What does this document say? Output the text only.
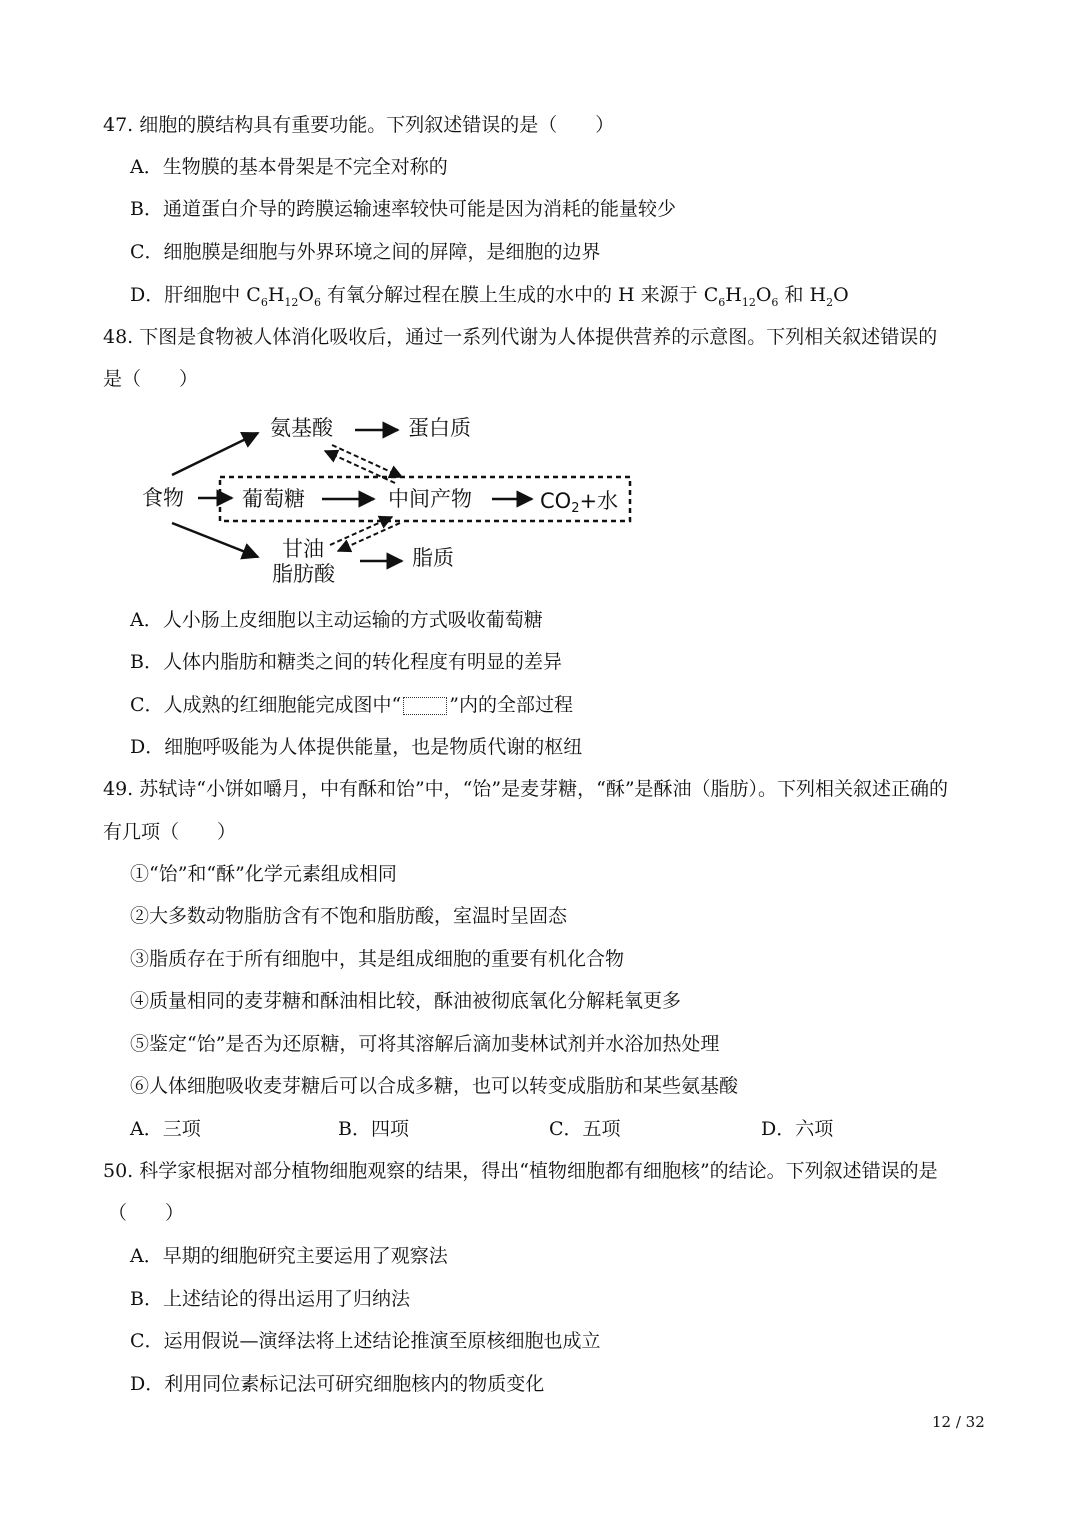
47. 细胞的膜结构具有重要功能。下列叙述错误的是（　　）
A．生物膜的基本骨架是不完全对称的
B．通道蛋白介导的跨膜运输速率较快可能是因为消耗的能量较少
C．细胞膜是细胞与外界环境之间的屏障，是细胞的边界
D．肝细胞中 $C_6H_{12}O_6$ 有氧分解过程在膜上生成的水中的 H 来源于 $C_6H_{12}O_6$ 和 $H_2O$
48. 下图是食物被人体消化吸收后，通过一系列代谢为人体提供营养的示意图。下列相关叙述错误的
是（　　）
食物
氨基酸	蛋白质
葡萄糖	中间产物	CO2+水
甘油
脂肪酸
脂质
A．人小肠上皮细胞以主动运输的方式吸收葡萄糖
B．人体内脂肪和糖类之间的转化程度有明显的差异
C．人成熟的红细胞能完成图中“	”内的全部过程
D．细胞呼吸能为人体提供能量，也是物质代谢的枢纽
49. 苏轼诗“小饼如嚼月，中有酥和饴”中，“饴”是麦芽糖，“酥”是酥油（脂肪）。下列相关叙述正确的
有几项（　　）
①“饴”和“酥”化学元素组成相同
②大多数动物脂肪含有不饱和脂肪酸，室温时呈固态
③脂质存在于所有细胞中，其是组成细胞的重要有机化合物
④质量相同的麦芽糖和酥油相比较，酥油被彻底氧化分解耗氧更多
⑤鉴定“饴”是否为还原糖，可将其溶解后滴加斐林试剂并水浴加热处理
⑥人体细胞吸收麦芽糖后可以合成多糖，也可以转变成脂肪和某些氨基酸
A．三项	B．四项	C．五项	D．六项
50. 科学家根据对部分植物细胞观察的结果，得出“植物细胞都有细胞核”的结论。下列叙述错误的是
（　　）
A．早期的细胞研究主要运用了观察法
B．上述结论的得出运用了归纳法
C．运用假说—演绎法将上述结论推演至原核细胞也成立
D．利用同位素标记法可研究细胞核内的物质变化
12 / 32
